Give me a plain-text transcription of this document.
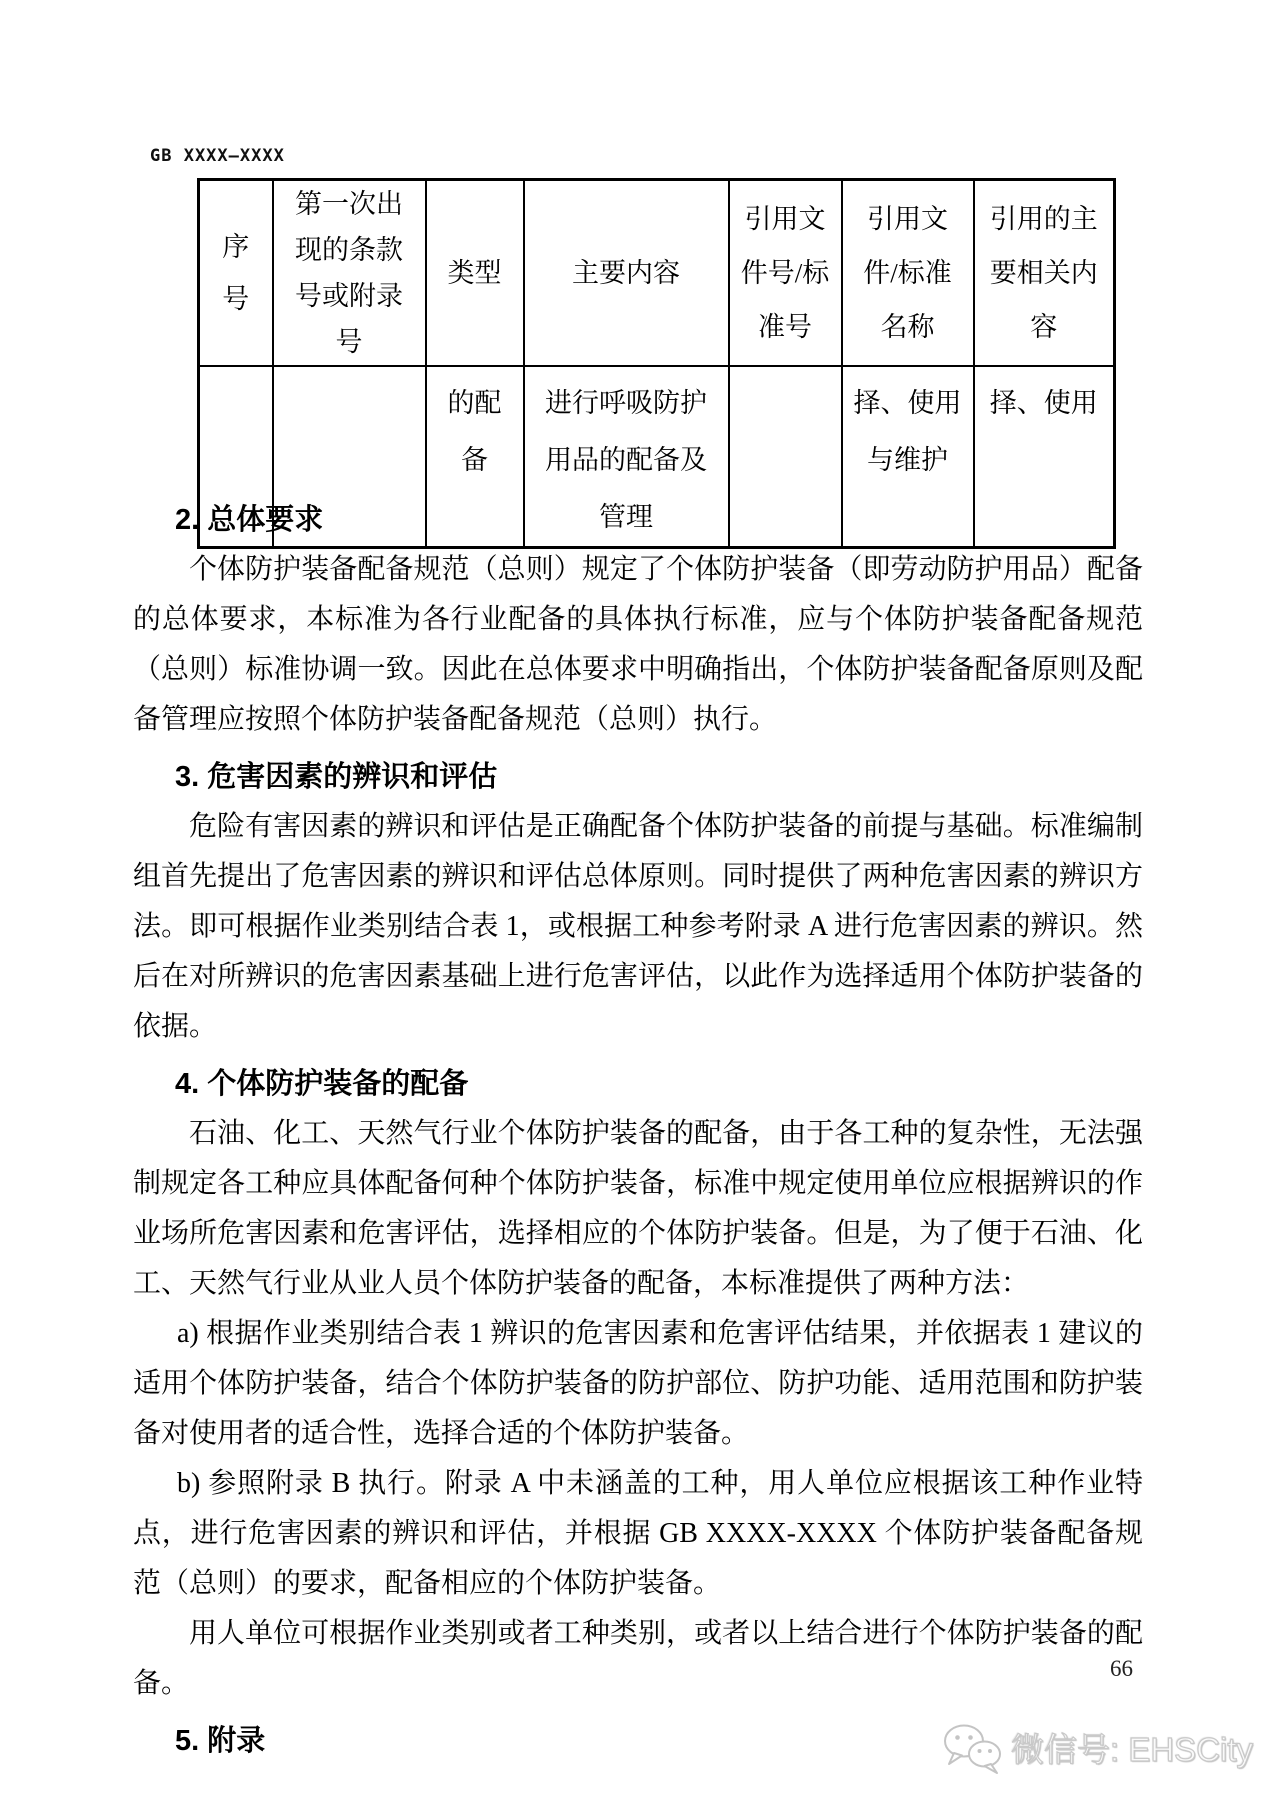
GB XXXX—XXXX
序号	第一次出现的条款号或附录号	类型	主要内容	引用文件号/标准号	引用文件/标准名称	引用的主要相关内容
		的配备	进行呼吸防护用品的配备及管理		择、使用与维护	择、使用
2. 总体要求

个体防护装备配备规范（总则）规定了个体防护装备（即劳动防护用品）配备的总体要求，本标准为各行业配备的具体执行标准，应与个体防护装备配备规范（总则）标准协调一致。因此在总体要求中明确指出，个体防护装备配备原则及配备管理应按照个体防护装备配备规范（总则）执行。

3. 危害因素的辨识和评估

危险有害因素的辨识和评估是正确配备个体防护装备的前提与基础。标准编制组首先提出了危害因素的辨识和评估总体原则。同时提供了两种危害因素的辨识方法。即可根据作业类别结合表 1，或根据工种参考附录 A 进行危害因素的辨识。然后在对所辨识的危害因素基础上进行危害评估，以此作为选择适用个体防护装备的依据。

4. 个体防护装备的配备

石油、化工、天然气行业个体防护装备的配备，由于各工种的复杂性，无法强制规定各工种应具体配备何种个体防护装备，标准中规定使用单位应根据辨识的作业场所危害因素和危害评估，选择相应的个体防护装备。但是，为了便于石油、化工、天然气行业从业人员个体防护装备的配备，本标准提供了两种方法：

a) 根据作业类别结合表 1 辨识的危害因素和危害评估结果，并依据表 1 建议的适用个体防护装备，结合个体防护装备的防护部位、防护功能、适用范围和防护装备对使用者的适合性，选择合适的个体防护装备。

b) 参照附录 B 执行。附录 A 中未涵盖的工种，用人单位应根据该工种作业特点，进行危害因素的辨识和评估，并根据 GB XXXX-XXXX 个体防护装备配备规范（总则）的要求，配备相应的个体防护装备。

用人单位可根据作业类别或者工种类别，或者以上结合进行个体防护装备的配备。

5. 附录
66
微信号: EHSCity
